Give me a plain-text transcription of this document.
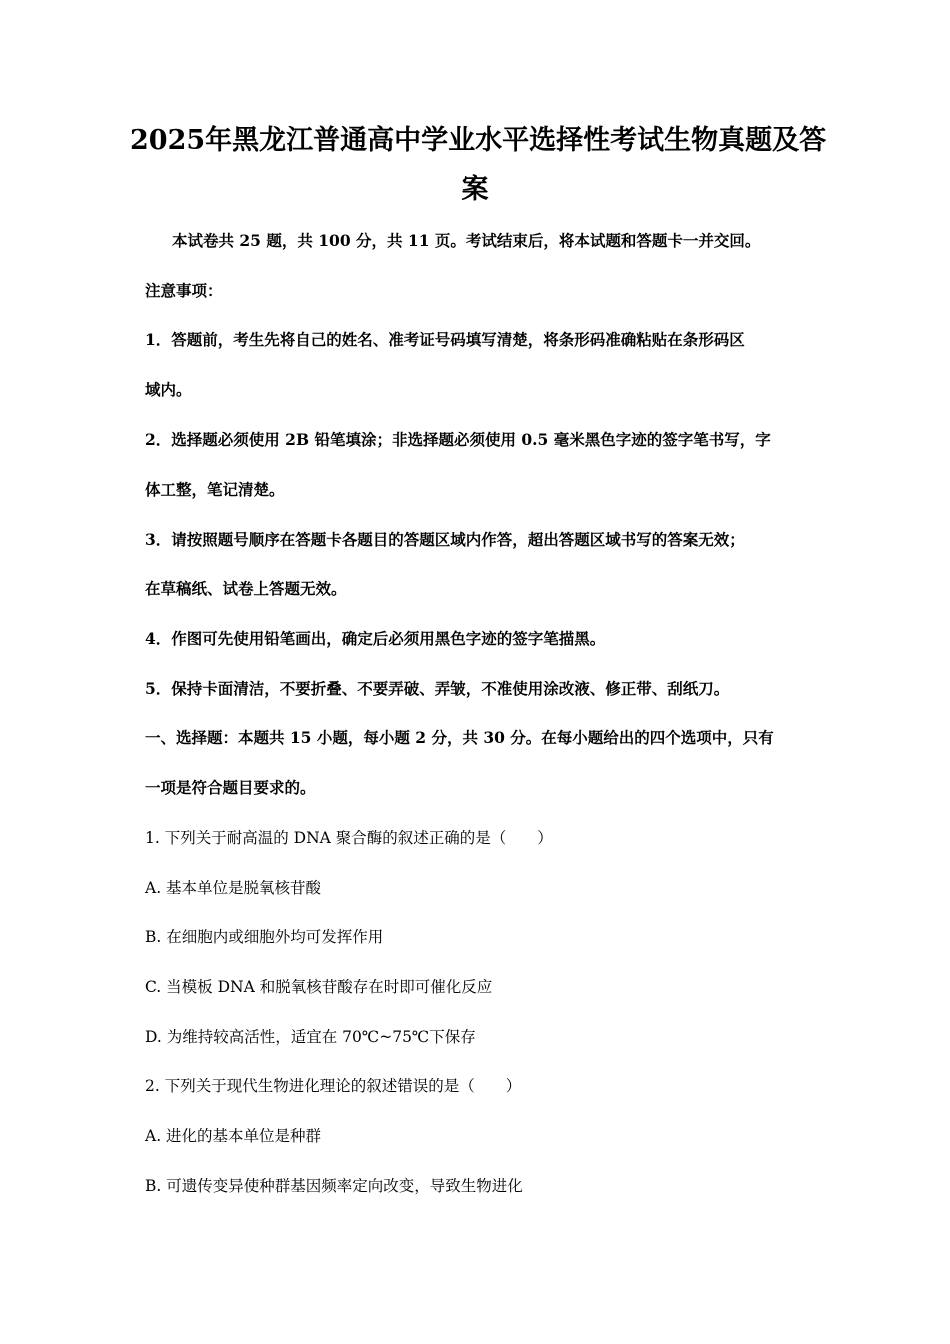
2025年黑龙江普通高中学业水平选择性考试生物真题及答
案
本试卷共 25 题，共 100 分，共 11 页。考试结束后，将本试题和答题卡一并交回。
注意事项：
1．答题前，考生先将自己的姓名、准考证号码填写清楚，将条形码准确粘贴在条形码区
域内。
2．选择题必须使用 2B 铅笔填涂；非选择题必须使用 0.5 毫米黑色字迹的签字笔书写，字
体工整，笔记清楚。
3．请按照题号顺序在答题卡各题目的答题区域内作答，超出答题区域书写的答案无效；
在草稿纸、试卷上答题无效。
4．作图可先使用铅笔画出，确定后必须用黑色字迹的签字笔描黑。
5．保持卡面清洁，不要折叠、不要弄破、弄皱，不准使用涂改液、修正带、刮纸刀。
一、选择题：本题共 15 小题，每小题 2 分，共 30 分。在每小题给出的四个选项中，只有
一项是符合题目要求的。
1. 下列关于耐高温的 DNA 聚合酶的叙述正确的是（　　）
A. 基本单位是脱氧核苷酸
B. 在细胞内或细胞外均可发挥作用
C. 当模板 DNA 和脱氧核苷酸存在时即可催化反应
D. 为维持较高活性，适宜在 70℃~75℃下保存
2. 下列关于现代生物进化理论的叙述错误的是（　　）
A. 进化的基本单位是种群
B. 可遗传变异使种群基因频率定向改变，导致生物进化
